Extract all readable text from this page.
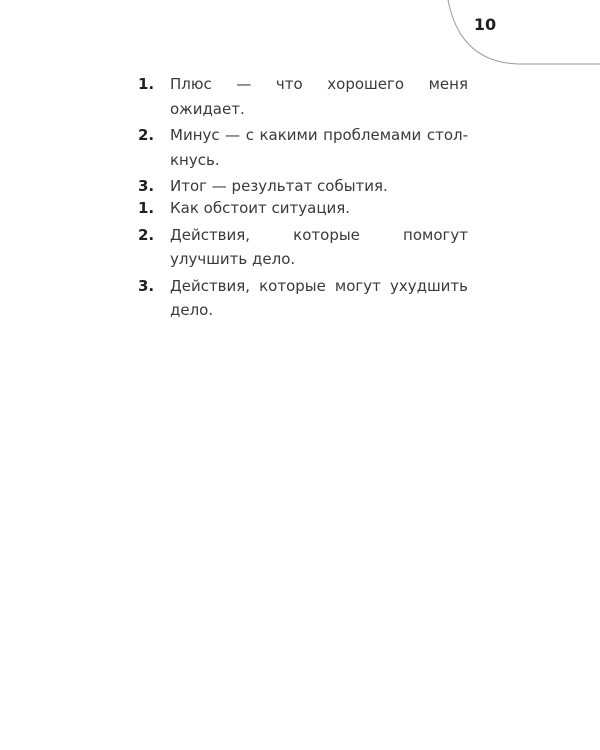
10
1.	Плюс — что хорошего меня ожидает.
2.	Минус — с какими проблемами стол-кнусь.
3.	Итог — результат события.
1.	Как обстоит ситуация.
2.	Действия, которые помогут улучшить дело.
3.	Действия, которые могут ухудшить дело.
